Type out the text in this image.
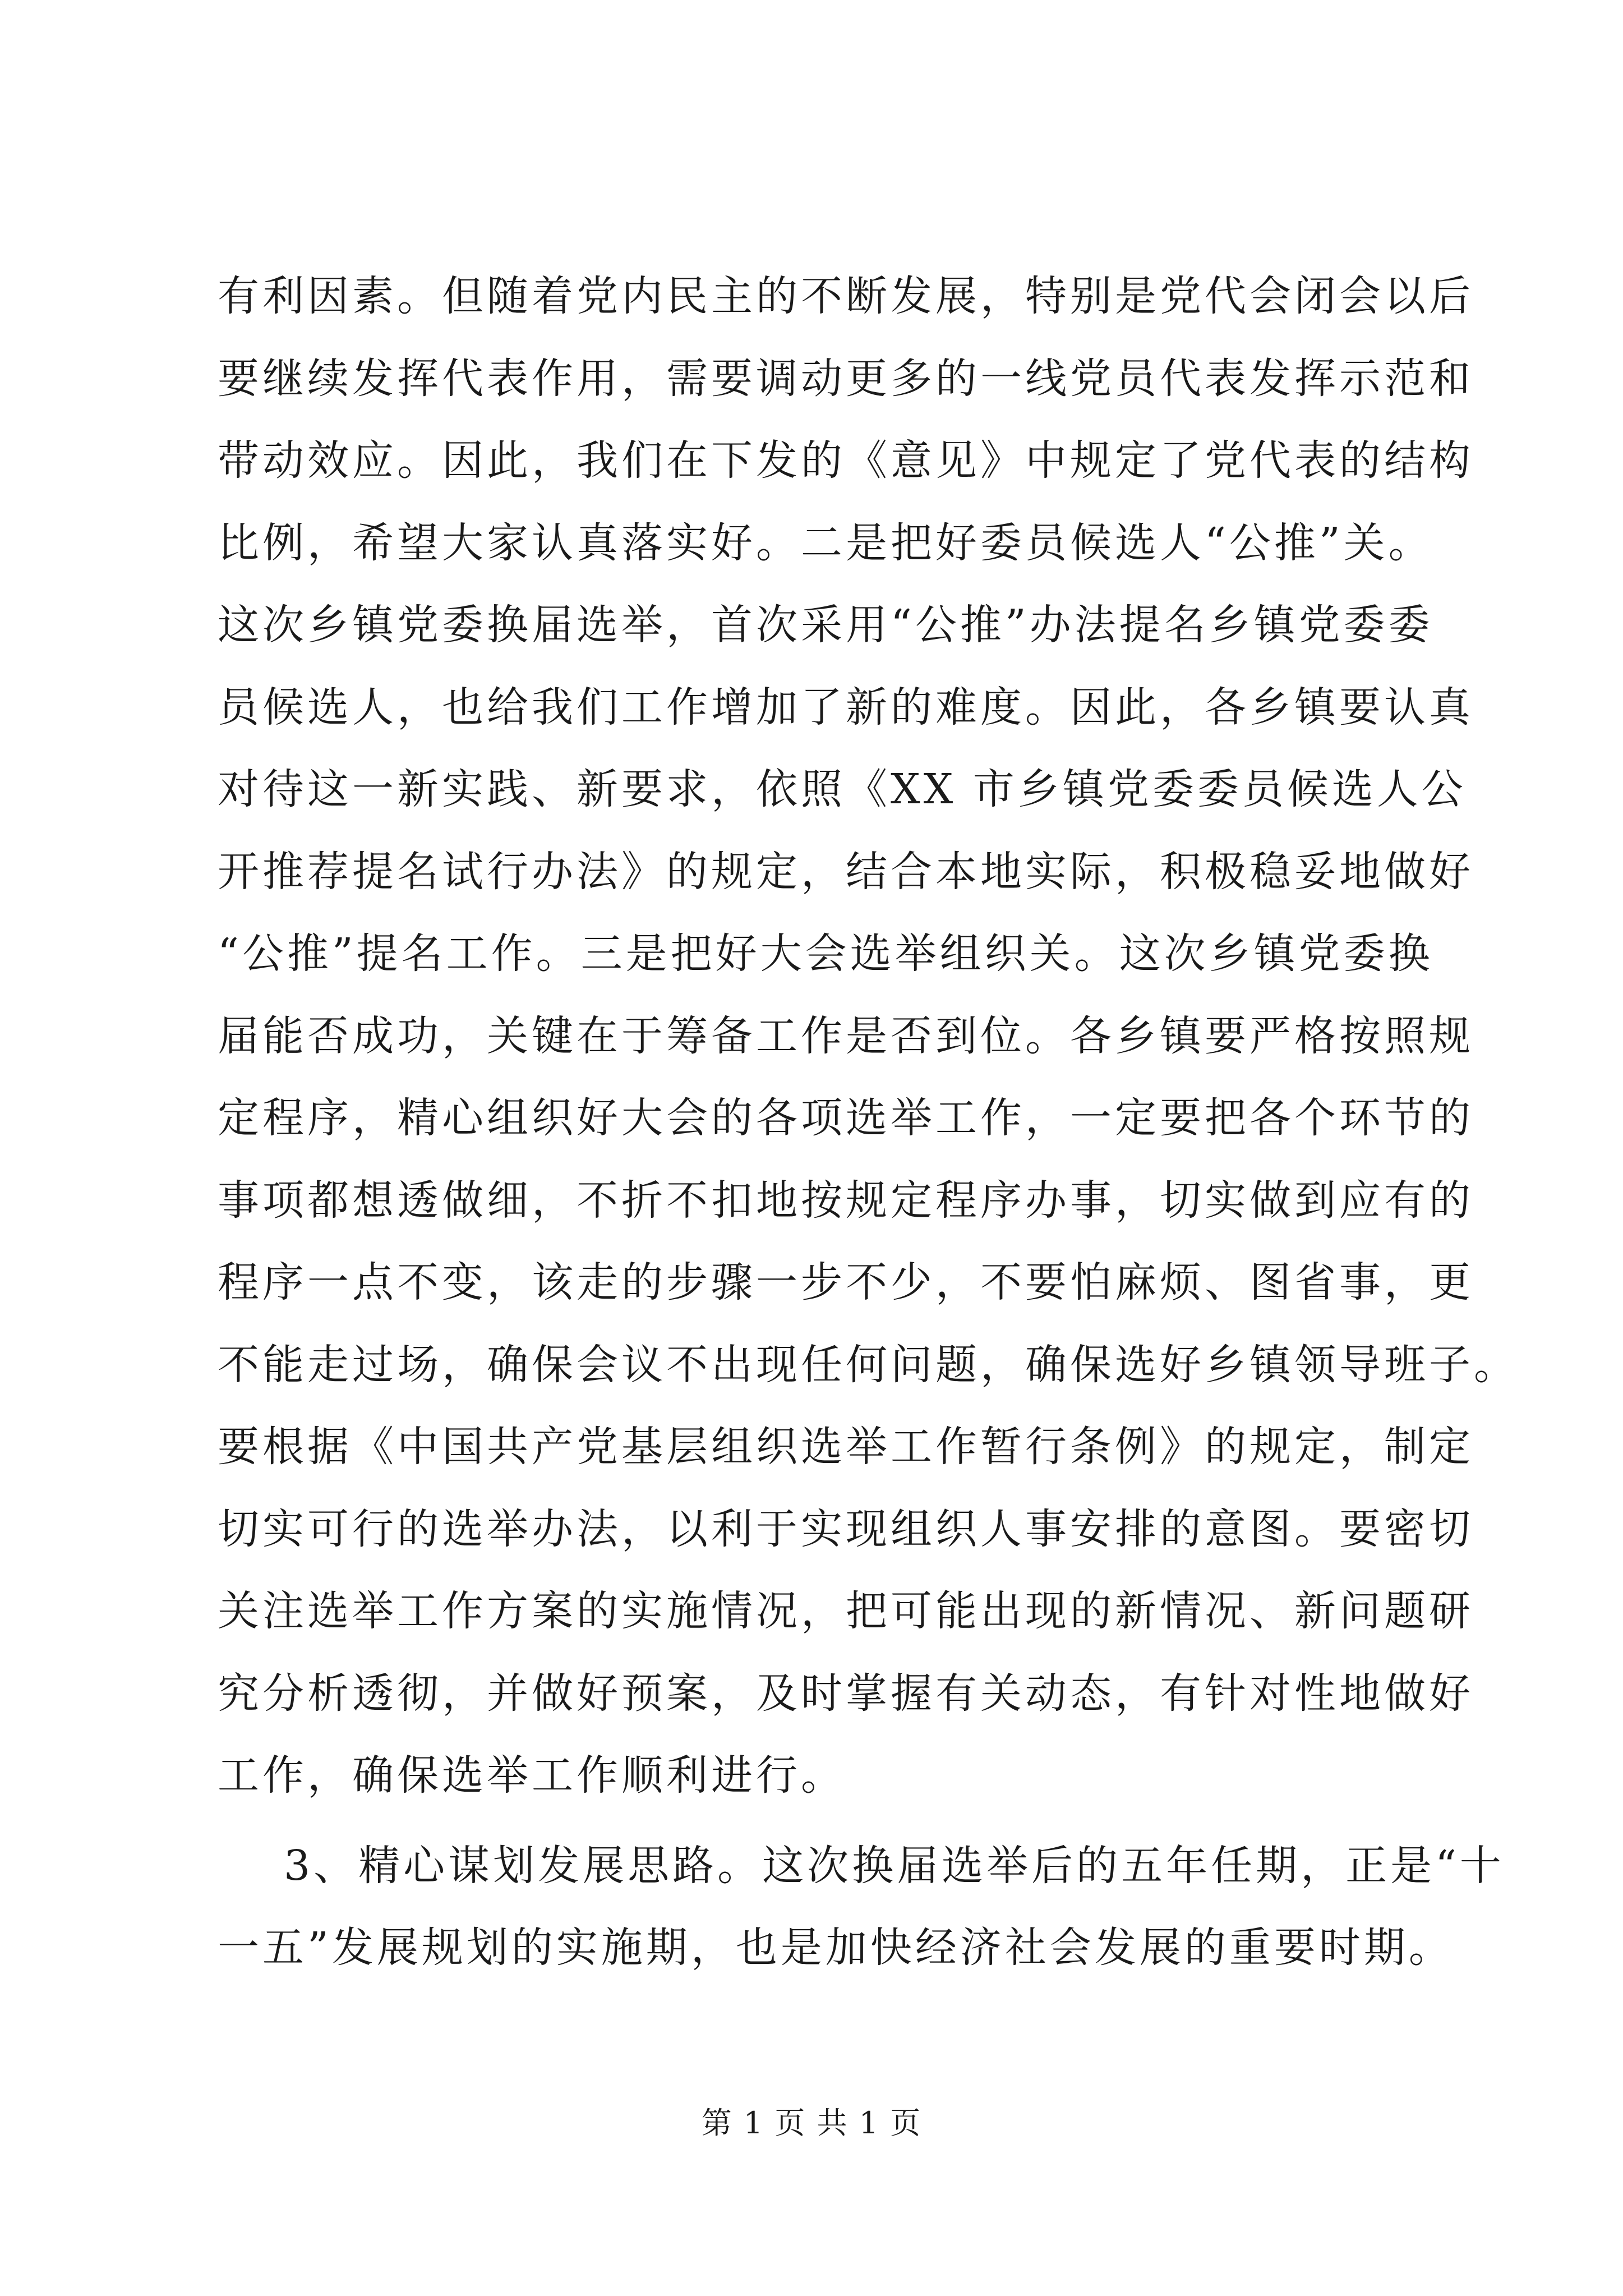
有利因素。但随着党内民主的不断发展，特别是党代会闭会以后
要继续发挥代表作用，需要调动更多的一线党员代表发挥示范和
带动效应。因此，我们在下发的《意见》中规定了党代表的结构
比例，希望大家认真落实好。二是把好委员候选人“公推”关。
这次乡镇党委换届选举，首次采用“公推”办法提名乡镇党委委
员候选人，也给我们工作增加了新的难度。因此，各乡镇要认真
对待这一新实践、新要求，依照《XX 市乡镇党委委员候选人公
开推荐提名试行办法》的规定，结合本地实际，积极稳妥地做好
“公推”提名工作。三是把好大会选举组织关。这次乡镇党委换
届能否成功，关键在于筹备工作是否到位。各乡镇要严格按照规
定程序，精心组织好大会的各项选举工作，一定要把各个环节的
事项都想透做细，不折不扣地按规定程序办事，切实做到应有的
程序一点不变，该走的步骤一步不少，不要怕麻烦、图省事，更
不能走过场，确保会议不出现任何问题，确保选好乡镇领导班子。
要根据《中国共产党基层组织选举工作暂行条例》的规定，制定
切实可行的选举办法，以利于实现组织人事安排的意图。要密切
关注选举工作方案的实施情况，把可能出现的新情况、新问题研
究分析透彻，并做好预案，及时掌握有关动态，有针对性地做好
工作，确保选举工作顺利进行。
3、精心谋划发展思路。这次换届选举后的五年任期，正是“十
一五”发展规划的实施期，也是加快经济社会发展的重要时期。
第 1 页 共 1 页
